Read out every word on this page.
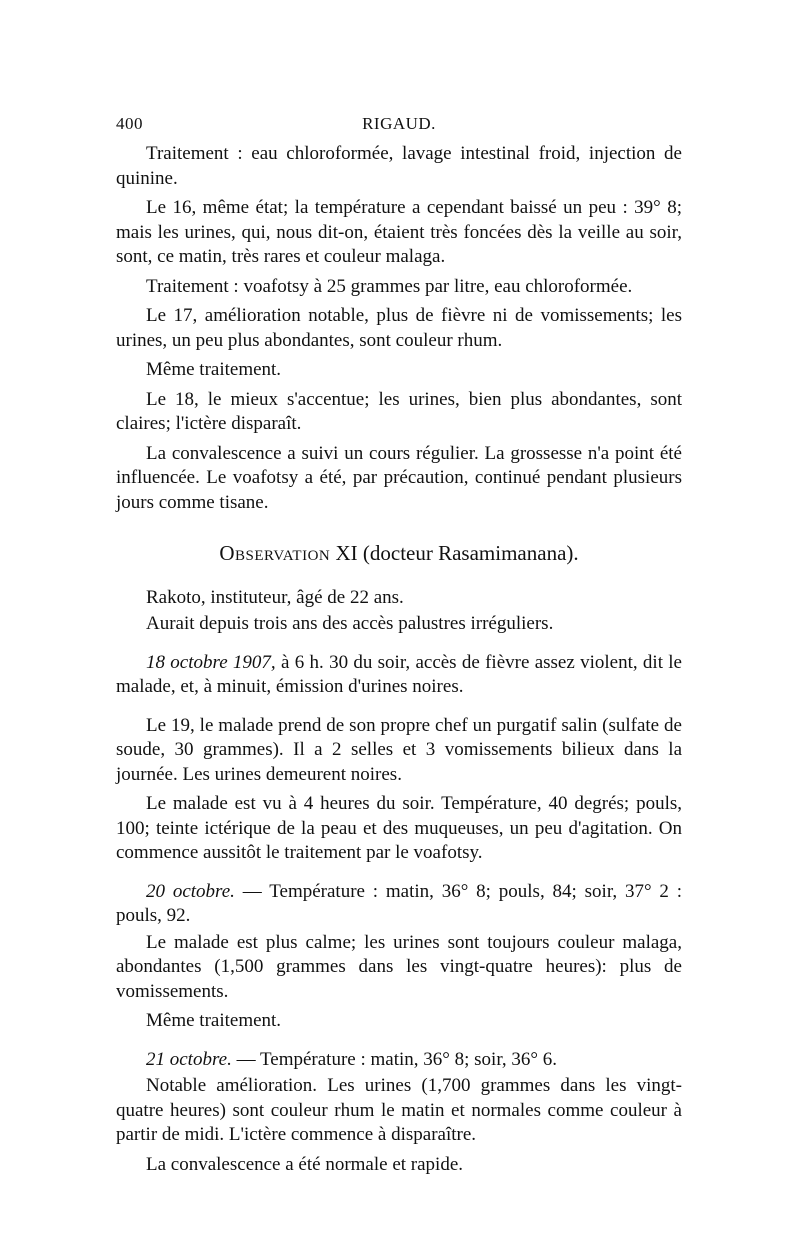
400	RIGAUD.

Traitement : eau chloroformée, lavage intestinal froid, injection de quinine.

Le 16, même état; la température a cependant baissé un peu : 39° 8; mais les urines, qui, nous dit-on, étaient très foncées dès la veille au soir, sont, ce matin, très rares et couleur malaga.

Traitement : voafotsy à 25 grammes par litre, eau chloroformée.

Le 17, amélioration notable, plus de fièvre ni de vomissements; les urines, un peu plus abondantes, sont couleur rhum.

Même traitement.

Le 18, le mieux s'accentue; les urines, bien plus abondantes, sont claires; l'ictère disparaît.

La convalescence a suivi un cours régulier. La grossesse n'a point été influencée. Le voafotsy a été, par précaution, continué pendant plusieurs jours comme tisane.

Observation XI (docteur Rasamimanana).

Rakoto, instituteur, âgé de 22 ans.

Aurait depuis trois ans des accès palustres irréguliers.

18 octobre 1907, à 6 h. 30 du soir, accès de fièvre assez violent, dit le malade, et, à minuit, émission d'urines noires.

Le 19, le malade prend de son propre chef un purgatif salin (sulfate de soude, 30 grammes). Il a 2 selles et 3 vomissements bilieux dans la journée. Les urines demeurent noires.

Le malade est vu à 4 heures du soir. Température, 40 degrés; pouls, 100; teinte ictérique de la peau et des muqueuses, un peu d'agitation. On commence aussitôt le traitement par le voafotsy.

20 octobre. — Température : matin, 36° 8; pouls, 84; soir, 37° 2 : pouls, 92.

Le malade est plus calme; les urines sont toujours couleur malaga, abondantes (1,500 grammes dans les vingt-quatre heures): plus de vomissements.

Même traitement.

21 octobre. — Température : matin, 36° 8; soir, 36° 6.

Notable amélioration. Les urines (1,700 grammes dans les vingt-quatre heures) sont couleur rhum le matin et normales comme couleur à partir de midi. L'ictère commence à disparaître.

La convalescence a été normale et rapide.
